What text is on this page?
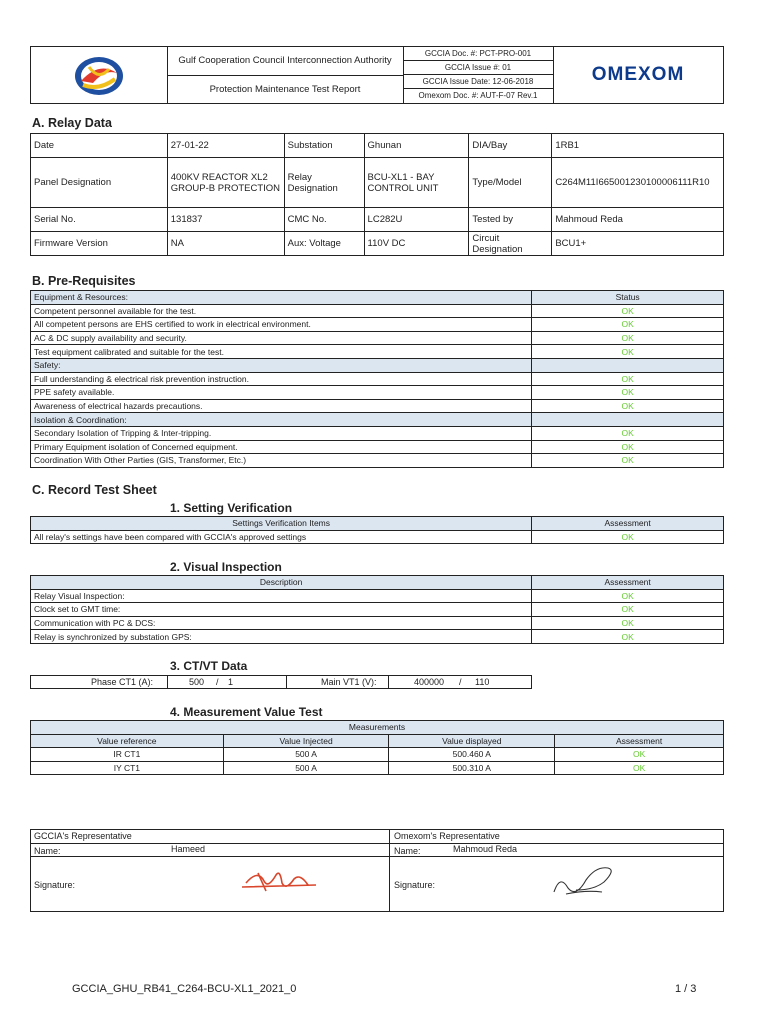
Gulf Cooperation Council Interconnection Authority
Protection Maintenance Test Report
GCCIA Doc. #: PCT-PRO-001
GCCIA Issue #: 01
GCCIA Issue Date: 12-06-2018
Omexom Doc. #: AUT-F-07 Rev.1
OMEXOM
A. Relay Data
Date	27-01-22	Substation	Ghunan	DIA/Bay	1RB1
Panel Designation	400KV REACTOR XL2 GROUP-B PROTECTION	Relay Designation	BCU-XL1 - BAY CONTROL UNIT	Type/Model	C264M11I665001230100006111R10
Serial No.	131837	CMC No.	LC282U	Tested by	Mahmoud Reda
Firmware Version	NA	Aux: Voltage	110V DC	Circuit Designation	BCU1+
B. Pre-Requisites
Equipment & Resources:	Status
Competent personnel available for the test.	OK
All competent persons are EHS certified to work in electrical environment.	OK
AC & DC supply availability and security.	OK
Test equipment calibrated and suitable for the test.	OK
Safety:	
Full understanding & electrical risk prevention instruction.	OK
PPE safety available.	OK
Awareness of electrical hazards precautions.	OK
Isolation & Coordination:	
Secondary Isolation of Tripping & Inter-tripping.	OK
Primary Equipment isolation of Concerned equipment.	OK
Coordination With Other Parties (GIS, Transformer, Etc.)	OK
C. Record Test Sheet
1. Setting Verification
Settings Verification Items	Assessment
All relay's settings have been compared with GCCIA's approved settings	OK
2. Visual Inspection
Description	Assessment
Relay Visual Inspection:	OK
Clock set to GMT time:	OK
Communication with PC & DCS:	OK
Relay is synchronized by substation GPS:	OK
3. CT/VT Data
Phase CT1 (A):	500 / 1	Main VT1 (V):	400000 / 110
4. Measurement Value Test
Measurements			
Value reference	Value Injected	Value displayed	Assessment
IR CT1	500 A	500.460 A	OK
IY CT1	500 A	500.310 A	OK
GCCIA's Representative	Omexom's Representative
Name:	Hameed	Name:	Mahmoud Reda
Signature:	Signature:
GCCIA_GHU_RB41_C264-BCU-XL1_2021_0	1 / 3
